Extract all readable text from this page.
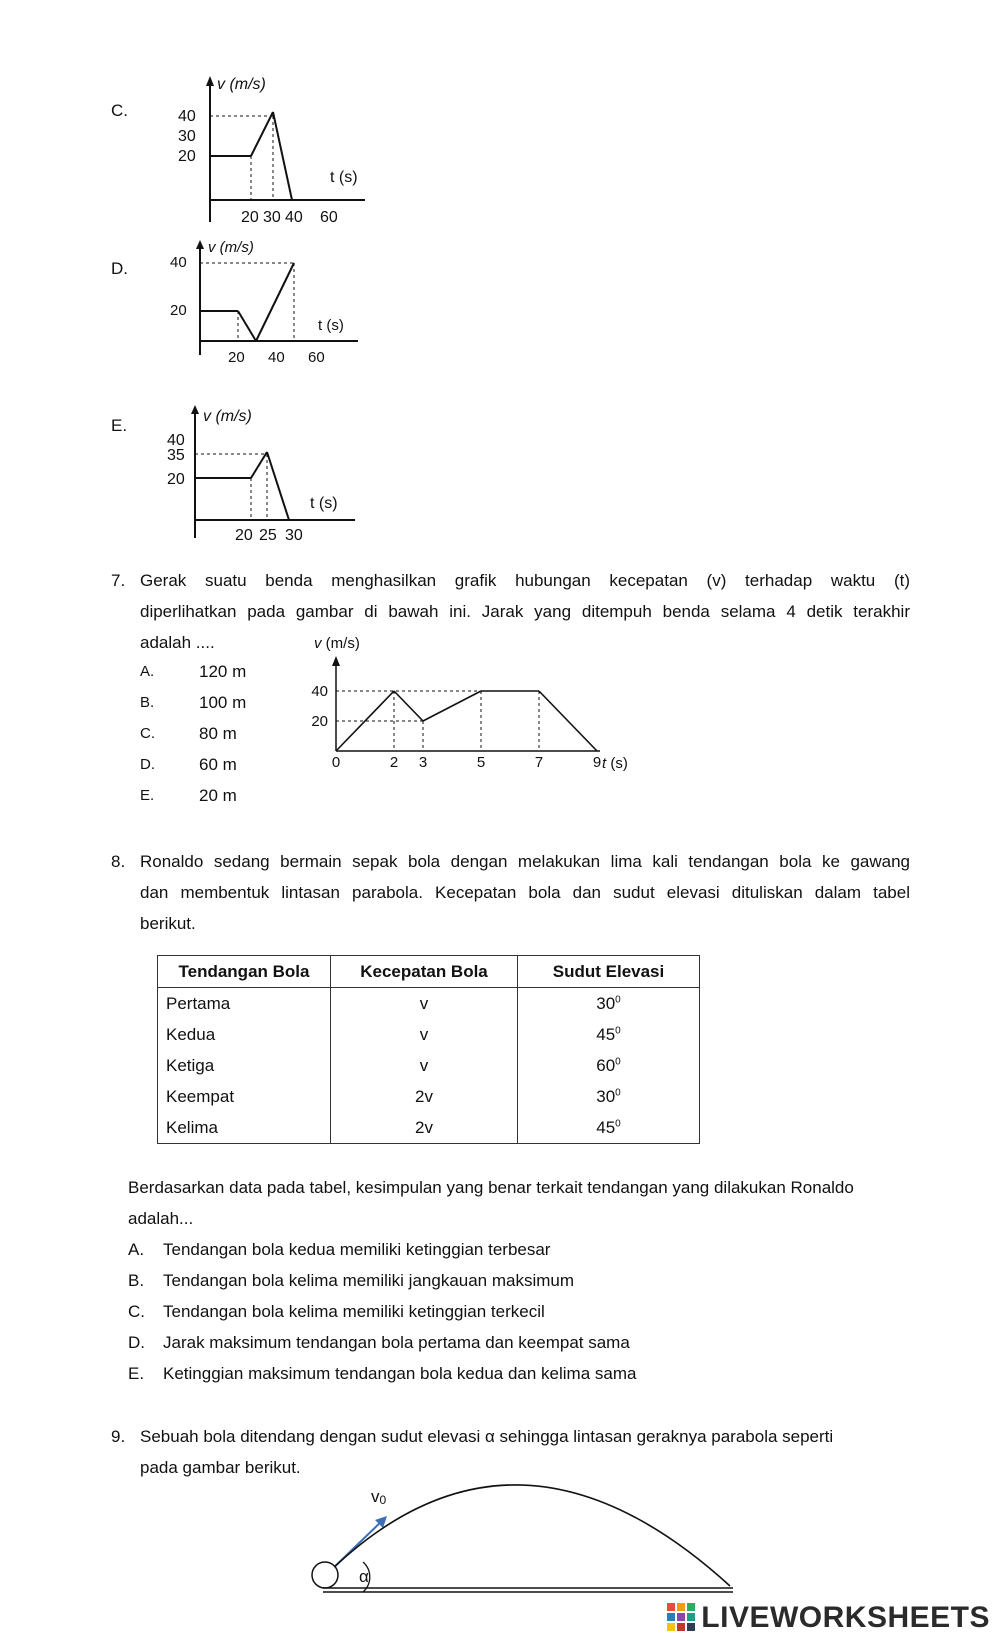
C.
v (m/s)
40
30
20
t (s)
20 30 40 60
D.
v (m/s)
40
20
t (s)
20 40 60
E.	v (m/s)
40
35
20
t (s)
20 25 30
7. Gerak suatu benda menghasilkan grafik hubungan kecepatan (v) terhadap waktu (t)
diperlihatkan pada gambar di bawah ini. Jarak yang ditempuh benda selama 4 detik terakhir
adalah ....
A.	120 m
B.	100 m
C.	80 m
D.	60 m
E.	20 m
v (m/s)
t (s)
40
20
0	2 3	5	7	9
8. Ronaldo sedang bermain sepak bola dengan melakukan lima kali tendangan bola ke gawang
dan membentuk lintasan parabola. Kecepatan bola dan sudut elevasi dituliskan dalam tabel
berikut.
Tendangan Bola	Kecepatan Bola	Sudut Elevasi
Pertama	v	$30^0$
Kedua	v	$45^0$
Ketiga	v	$60^0$
Keempat	2v	$30^0$
Kelima	2v	$45^0$
Berdasarkan data pada tabel, kesimpulan yang benar terkait tendangan yang dilakukan Ronaldo
adalah...
A. Tendangan bola kedua memiliki ketinggian terbesar
B. Tendangan bola kelima memiliki jangkauan maksimum
C. Tendangan bola kelima memiliki ketinggian terkecil
D. Jarak maksimum tendangan bola pertama dan keempat sama
E. Ketinggian maksimum tendangan bola kedua dan kelima sama
9. Sebuah bola ditendang dengan sudut elevasi α sehingga lintasan geraknya parabola seperti
pada gambar berikut.
v0
α
LIVEWORKSHEETS
